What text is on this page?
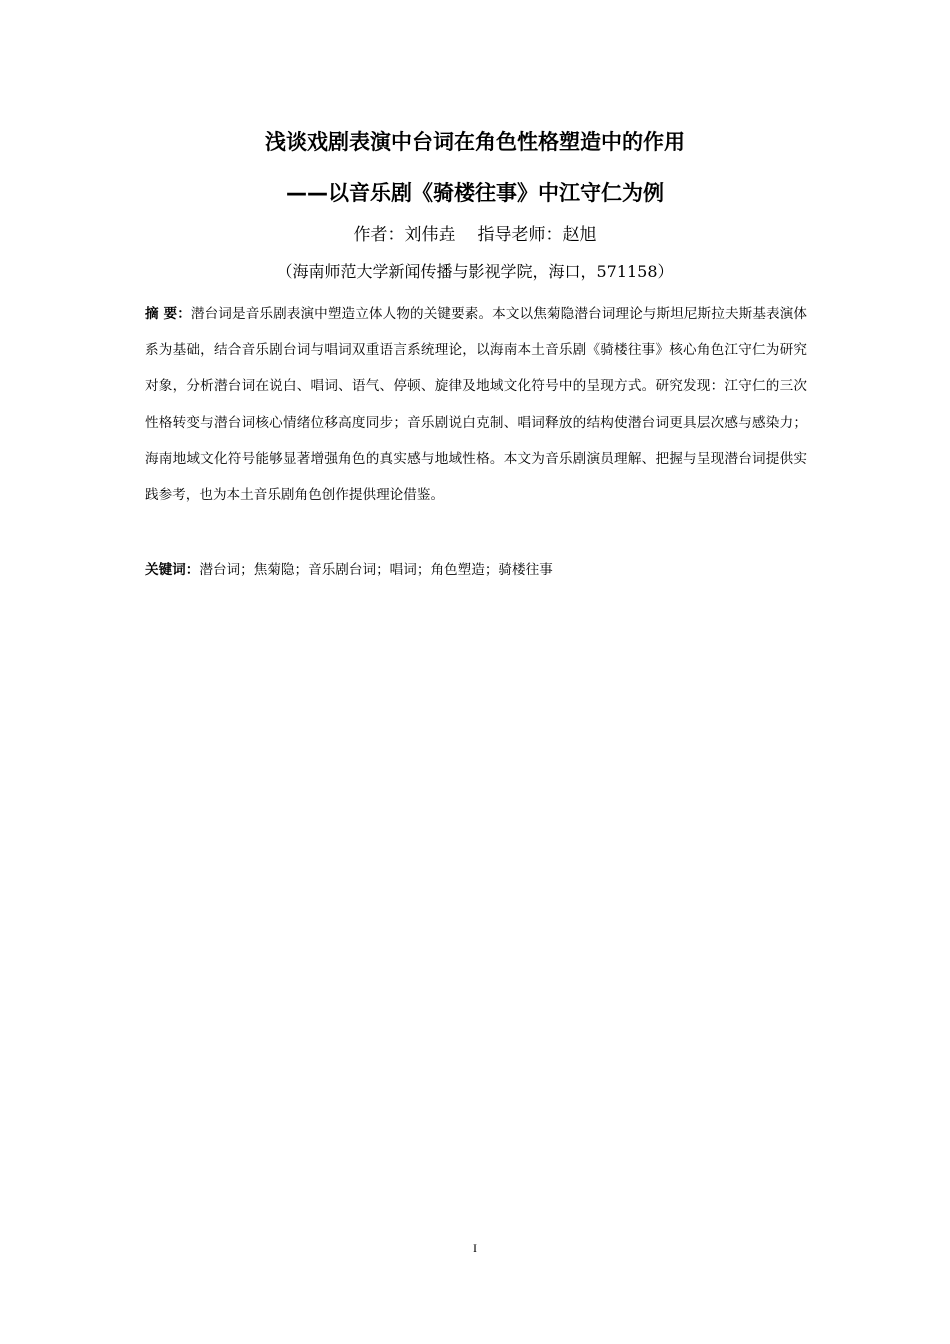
浅谈戏剧表演中台词在角色性格塑造中的作用
——以音乐剧《骑楼往事》中江守仁为例
作者：刘伟垚 指导老师：赵旭
（海南师范大学新闻传播与影视学院，海口，571158）

摘 要：潜台词是音乐剧表演中塑造立体人物的关键要素。本文以焦菊隐潜台词理论与斯坦尼斯拉夫斯基表演体系为基础，结合音乐剧台词与唱词双重语言系统理论，以海南本土音乐剧《骑楼往事》核心角色江守仁为研究对象，分析潜台词在说白、唱词、语气、停顿、旋律及地域文化符号中的呈现方式。研究发现：江守仁的三次性格转变与潜台词核心情绪位移高度同步；音乐剧说白克制、唱词释放的结构使潜台词更具层次感与感染力；海南地域文化符号能够显著增强角色的真实感与地域性格。本文为音乐剧演员理解、把握与呈现潜台词提供实践参考，也为本土音乐剧角色创作提供理论借鉴。

关键词：潜台词；焦菊隐；音乐剧台词；唱词；角色塑造；骑楼往事

I
